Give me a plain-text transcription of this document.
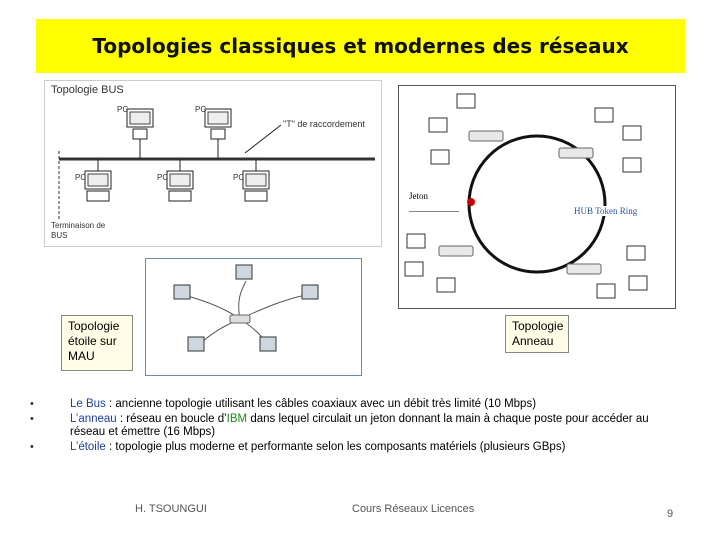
Topologies classiques et modernes des réseaux
Topologie BUS
PC	PC
PC	PC	PC
"T" de raccordement
Terminaison de BUS
Jeton
HUB Token Ring
Topologie étoile sur MAU
Topologie Anneau
•	Le Bus : ancienne topologie utilisant les câbles coaxiaux avec un débit très limité (10 Mbps)
•	L’anneau : réseau en boucle d’IBM dans lequel circulait un jeton donnant la main à chaque poste pour accéder au réseau et émettre (16 Mbps)
•	L’étoile : topologie plus moderne et performante selon les composants matériels (plusieurs GBps)
H. TSOUNGUI	Cours Réseaux Licences	9
